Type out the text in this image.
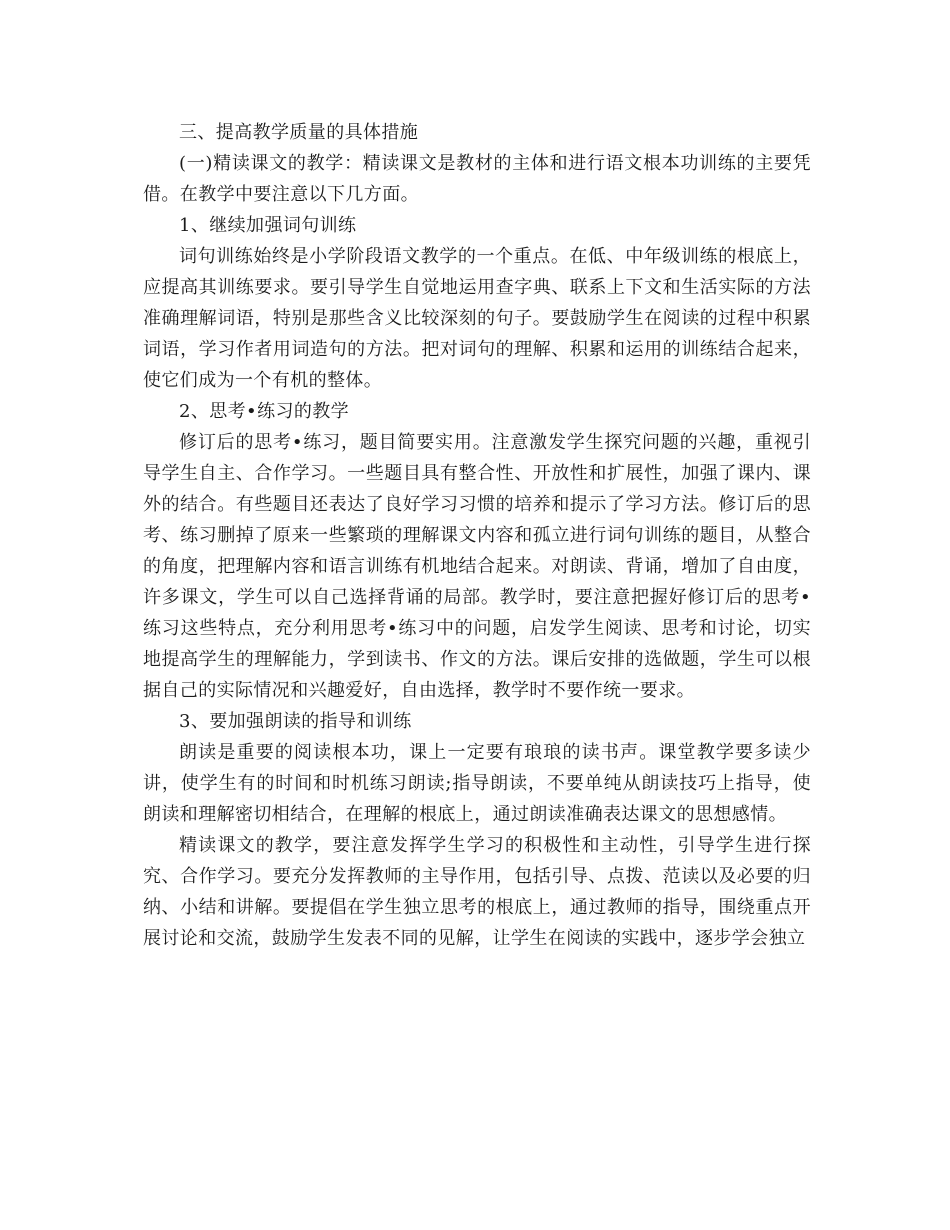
三、提高教学质量的具体措施

(一)精读课文的教学：精读课文是教材的主体和进行语文根本功训练的主要凭借。在教学中要注意以下几方面。

1、继续加强词句训练

词句训练始终是小学阶段语文教学的一个重点。在低、中年级训练的根底上，应提高其训练要求。要引导学生自觉地运用查字典、联系上下文和生活实际的方法准确理解词语，特别是那些含义比较深刻的句子。要鼓励学生在阅读的过程中积累词语，学习作者用词造句的方法。把对词句的理解、积累和运用的训练结合起来，使它们成为一个有机的整体。

2、思考•练习的教学

修订后的思考•练习，题目简要实用。注意激发学生探究问题的兴趣，重视引导学生自主、合作学习。一些题目具有整合性、开放性和扩展性，加强了课内、课外的结合。有些题目还表达了良好学习习惯的培养和提示了学习方法。修订后的思考、练习删掉了原来一些繁琐的理解课文内容和孤立进行词句训练的题目，从整合的角度，把理解内容和语言训练有机地结合起来。对朗读、背诵，增加了自由度，许多课文，学生可以自己选择背诵的局部。教学时，要注意把握好修订后的思考•练习这些特点，充分利用思考•练习中的问题，启发学生阅读、思考和讨论，切实地提高学生的理解能力，学到读书、作文的方法。课后安排的选做题，学生可以根据自己的实际情况和兴趣爱好，自由选择，教学时不要作统一要求。

3、要加强朗读的指导和训练

朗读是重要的阅读根本功，课上一定要有琅琅的读书声。课堂教学要多读少讲，使学生有的时间和时机练习朗读;指导朗读，不要单纯从朗读技巧上指导，使朗读和理解密切相结合，在理解的根底上，通过朗读准确表达课文的思想感情。

精读课文的教学，要注意发挥学生学习的积极性和主动性，引导学生进行探究、合作学习。要充分发挥教师的主导作用，包括引导、点拨、范读以及必要的归纳、小结和讲解。要提倡在学生独立思考的根底上，通过教师的指导，围绕重点开展讨论和交流，鼓励学生发表不同的见解，让学生在阅读的实践中，逐步学会独立
